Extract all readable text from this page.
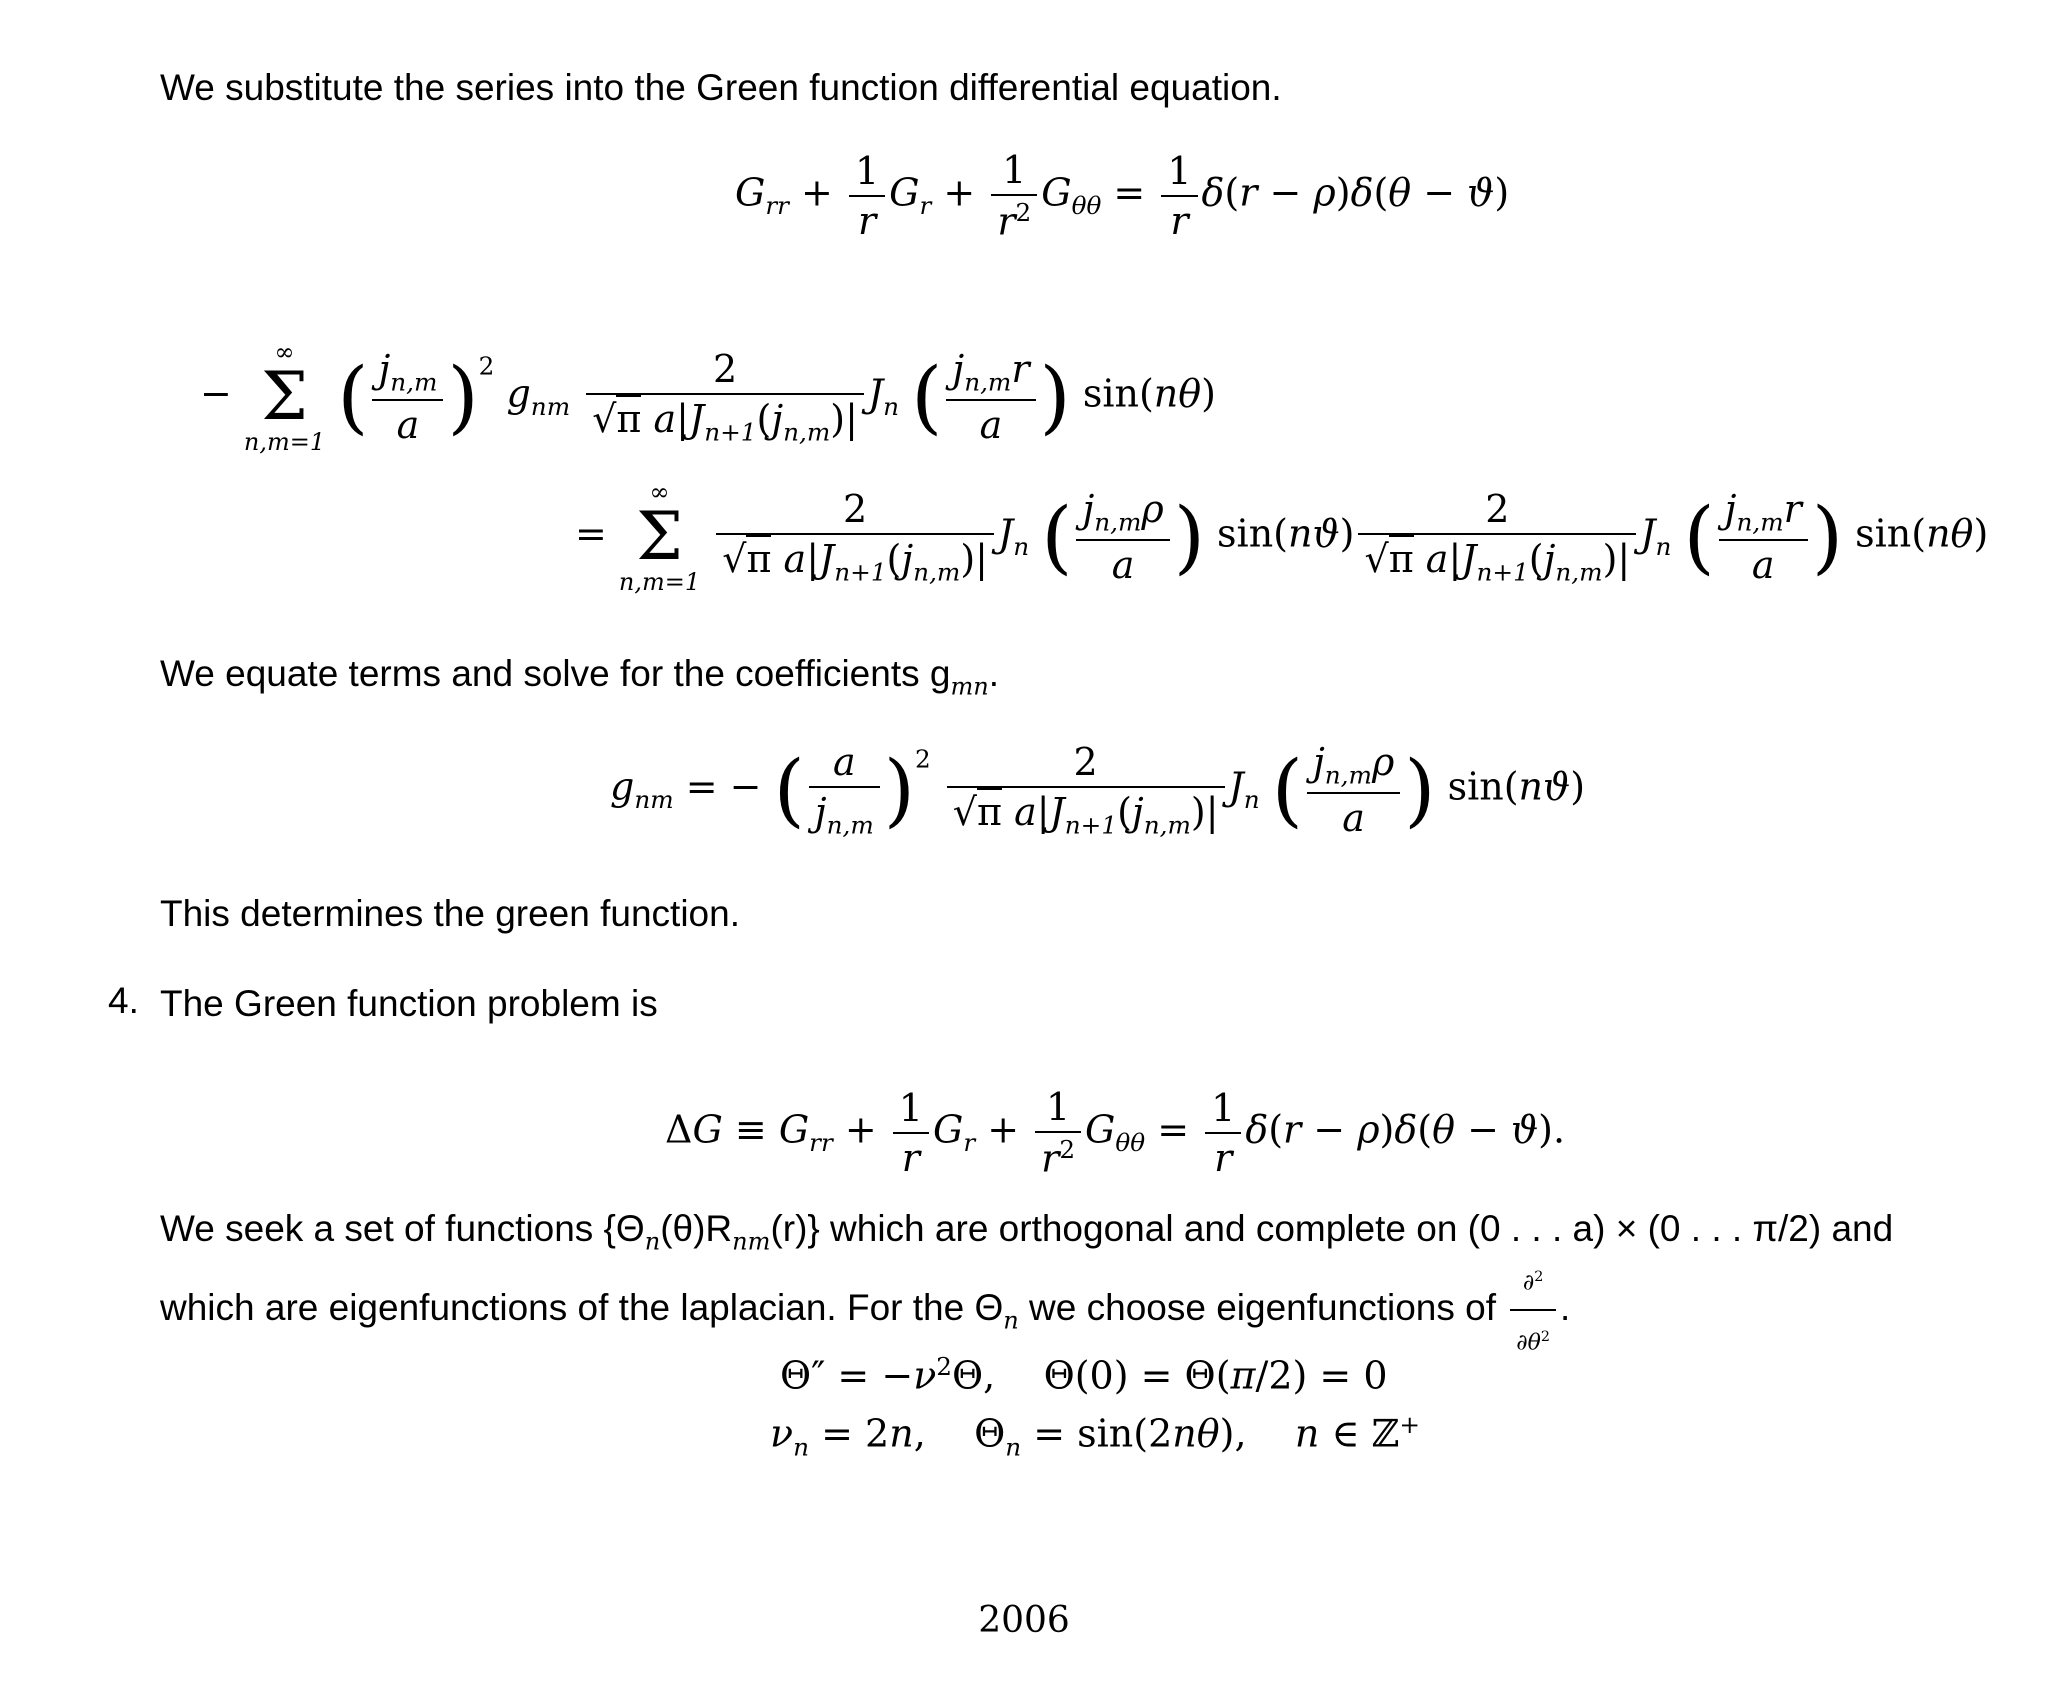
We substitute the series into the Green function differential equation.
$G_{rr} + \frac{1}{r} G_r + \frac{1}{r^2} G_{\theta\theta} = \frac{1}{r} \delta(r - \rho)\delta(\theta - ϑ)$
−
∞
Σ
n,m=1 ( $\frac{j_{n,m}}{a} )^2$ $g_{nm} \frac{2}{√\pi a|J_{n+1}(j_{n,m})|} J_n$ ( $\frac{j_{n,m}r}{a}$ ) sin(nθ)
=
∞
Σ
n,m=1
$\frac{2}{√\pi a|J_{n+1}(j_{n,m})|} J_n$ ( $\frac{j_{n,m}\rho}{a}$ ) $\sin(nϑ) \frac{2}{√\pi a|J_{n+1}(j_{n,m})|} J_n$ ( $\frac{j_{n,m}r}{a}$ ) sin(nθ)
We equate terms and solve for the coefficients $g_{mn}$.
$g_{nm}$ = − ( $\frac{a}{j_{n,m}} )^2 \frac{2}{√\pi a|J_{n+1}(j_{n,m})|} J_n$ ( $\frac{j_{n,m}\rho}{a}$ ) sin(nϑ)
This determines the green function.
4. The Green function problem is
$\Delta G \equiv G_{rr} + \frac{1}{r} G_r + \frac{1}{r^2} G_{\theta\theta} = \frac{1}{r} \delta(r - \rho)\delta(\theta - ϑ)$.
We seek a set of functions $\{\Theta_n(\theta)R_{nm}(r)\}$ which are orthogonal and complete on (0 . . . a) × (0 . . . π/2) and
which are eigenfunctions of the laplacian. For the $\Theta_n$ we choose eigenfunctions of $\frac{\partial^2}{\partial\theta^2}$ .
$\Theta'' = -\nu^2\Theta$,    Θ(0) = Θ(π/2) = 0
$\nu_n = 2n$,    $\Theta_n = \sin(2n\theta)$,    n ∈ ℤ+
2006
